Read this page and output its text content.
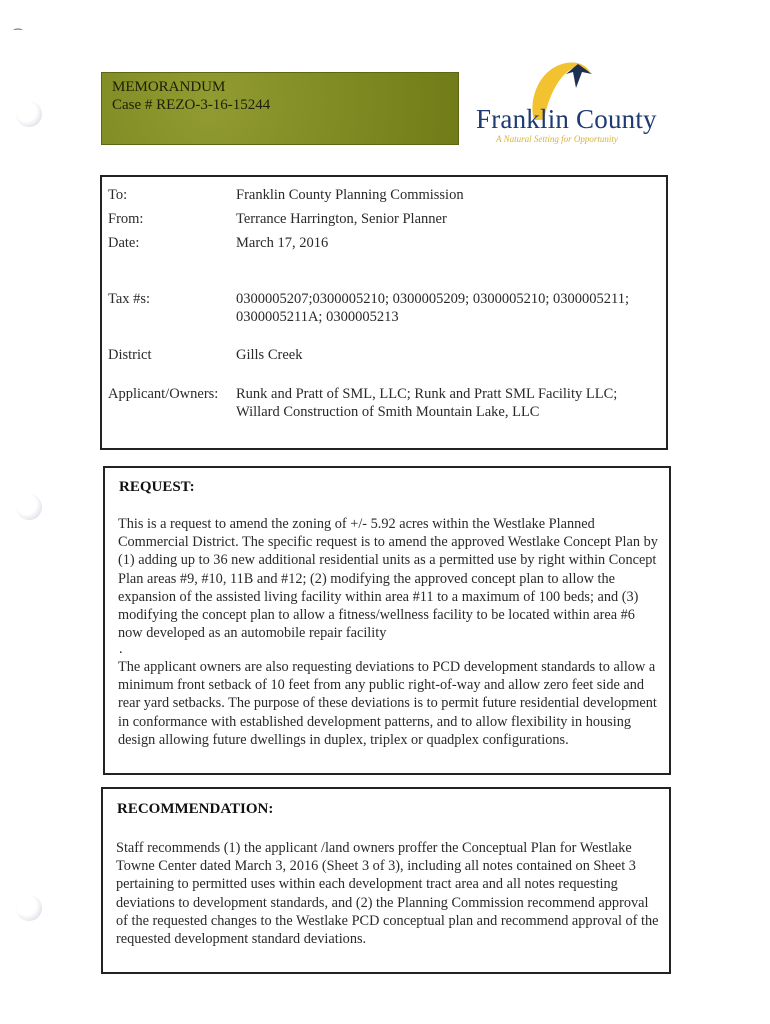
⁀
MEMORANDUM
Case # REZO-3-16-15244	Franklin County
A Natural Setting for Opportunity
To:	Franklin County Planning Commission
From:	Terrance Harrington, Senior Planner
Date:	March 17, 2016
Tax #s:	0300005207;0300005210; 0300005209; 0300005210; 0300005211;
0300005211A; 0300005213
District	Gills Creek
Applicant/Owners: Runk and Pratt of SML, LLC; Runk and Pratt SML Facility LLC;
Willard Construction of Smith Mountain Lake, LLC
REQUEST:
This is a request to amend the zoning of +/- 5.92 acres within the Westlake Planned Commercial District. The specific request is to amend the approved Westlake Concept Plan by (1) adding up to 36 new additional residential units as a permitted use by right within Concept Plan areas #9, #10, 11B and #12; (2) modifying the approved concept plan to allow the expansion of the assisted living facility within area #11 to a maximum of 100 beds; and (3) modifying the concept plan to allow a fitness/wellness facility to be located within area #6 now developed as an automobile repair facility
.
The applicant owners are also requesting deviations to PCD development standards to allow a minimum front setback of 10 feet from any public right-of-way and allow zero feet side and rear yard setbacks. The purpose of these deviations is to permit future residential development in conformance with established development patterns, and to allow flexibility in housing design allowing future dwellings in duplex, triplex or quadplex configurations.
RECOMMENDATION:
Staff recommends (1) the applicant /land owners proffer the Conceptual Plan for Westlake Towne Center dated March 3, 2016 (Sheet 3 of 3), including all notes contained on Sheet 3 pertaining to permitted uses within each development tract area and all notes requesting deviations to development standards, and (2) the Planning Commission recommend approval of the requested changes to the Westlake PCD conceptual plan and recommend approval of the requested development standard deviations.
